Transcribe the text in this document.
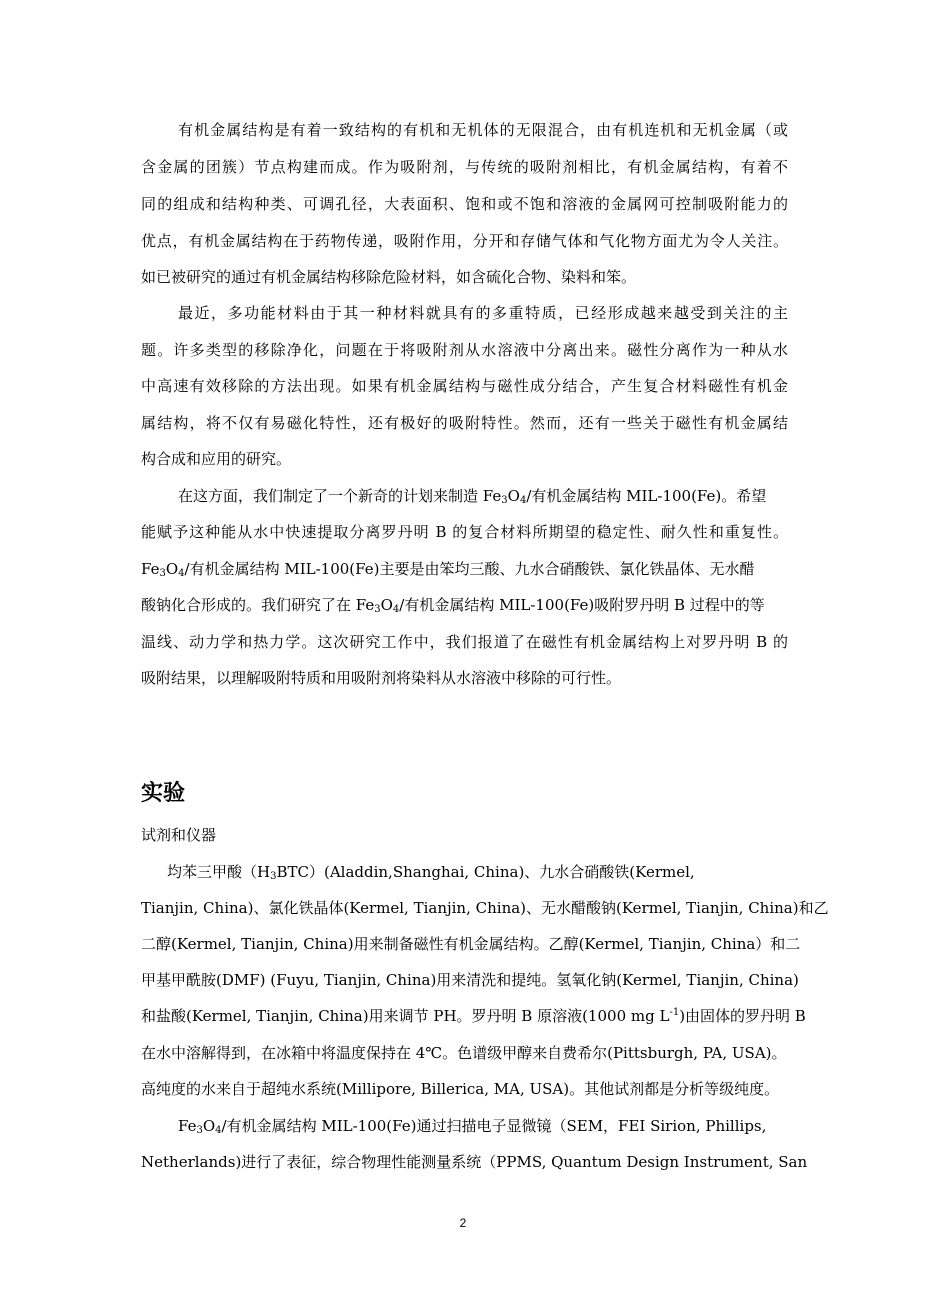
有机金属结构是有着一致结构的有机和无机体的无限混合，由有机连机和无机金属（或
含金属的团簇）节点构建而成。作为吸附剂，与传统的吸附剂相比，有机金属结构，有着不
同的组成和结构种类、可调孔径，大表面积、饱和或不饱和溶液的金属网可控制吸附能力的
优点，有机金属结构在于药物传递，吸附作用，分开和存储气体和气化物方面尤为令人关注。
如已被研究的通过有机金属结构移除危险材料，如含硫化合物、染料和笨。
最近，多功能材料由于其一种材料就具有的多重特质，已经形成越来越受到关注的主
题。许多类型的移除净化，问题在于将吸附剂从水溶液中分离出来。磁性分离作为一种从水
中高速有效移除的方法出现。如果有机金属结构与磁性成分结合，产生复合材料磁性有机金
属结构，将不仅有易磁化特性，还有极好的吸附特性。然而，还有一些关于磁性有机金属结
构合成和应用的研究。
在这方面，我们制定了一个新奇的计划来制造 $Fe_3O_4/$有机金属结构 MIL-100(Fe)。希望
能赋予这种能从水中快速提取分离罗丹明 B 的复合材料所期望的稳定性、耐久性和重复性。
$Fe_3O_4/$有机金属结构 MIL-100(Fe)主要是由笨均三酸、九水合硝酸铁、氯化铁晶体、无水醋
酸钠化合形成的。我们研究了在 $Fe_3O_4/$有机金属结构 MIL-100(Fe)吸附罗丹明 B 过程中的等
温线、动力学和热力学。这次研究工作中，我们报道了在磁性有机金属结构上对罗丹明 B 的
吸附结果，以理解吸附特质和用吸附剂将染料从水溶液中移除的可行性。
实验
试剂和仪器
均苯三甲酸$(H_3BTC)(Aladdin,Shanghai$, China)、九水合硝酸铁(Kermel,
Tianjin, China)、氯化铁晶体(Kermel, Tianjin, China)、无水醋酸钠(Kermel, Tianjin, China)和乙
二醇(Kermel, Tianjin, China)用来制备磁性有机金属结构。乙醇(Kermel, Tianjin, China）和二
甲基甲酰胺(DMF) (Fuyu, Tianjin, China)用来清洗和提纯。氢氧化钠(Kermel, Tianjin, China)
和盐酸(Kermel, Tianjin, China)用来调节 PH。罗丹明 B 原溶液(1000 mg $L^{-1}$)由固体的罗丹明 B
在水中溶解得到，在冰箱中将温度保持在 4℃。色谱级甲醇来自费希尔(Pittsburgh, PA, USA)。
高纯度的水来自于超纯水系统(Millipore, Billerica, MA, USA)。其他试剂都是分析等级纯度。
$Fe_3O_4/$有机金属结构 MIL-100(Fe)通过扫描电子显微镜（SEM，FEI Sirion, Phillips,
Netherlands)进行了表征，综合物理性能测量系统（PPMS, Quantum Design Instrument, San
2
